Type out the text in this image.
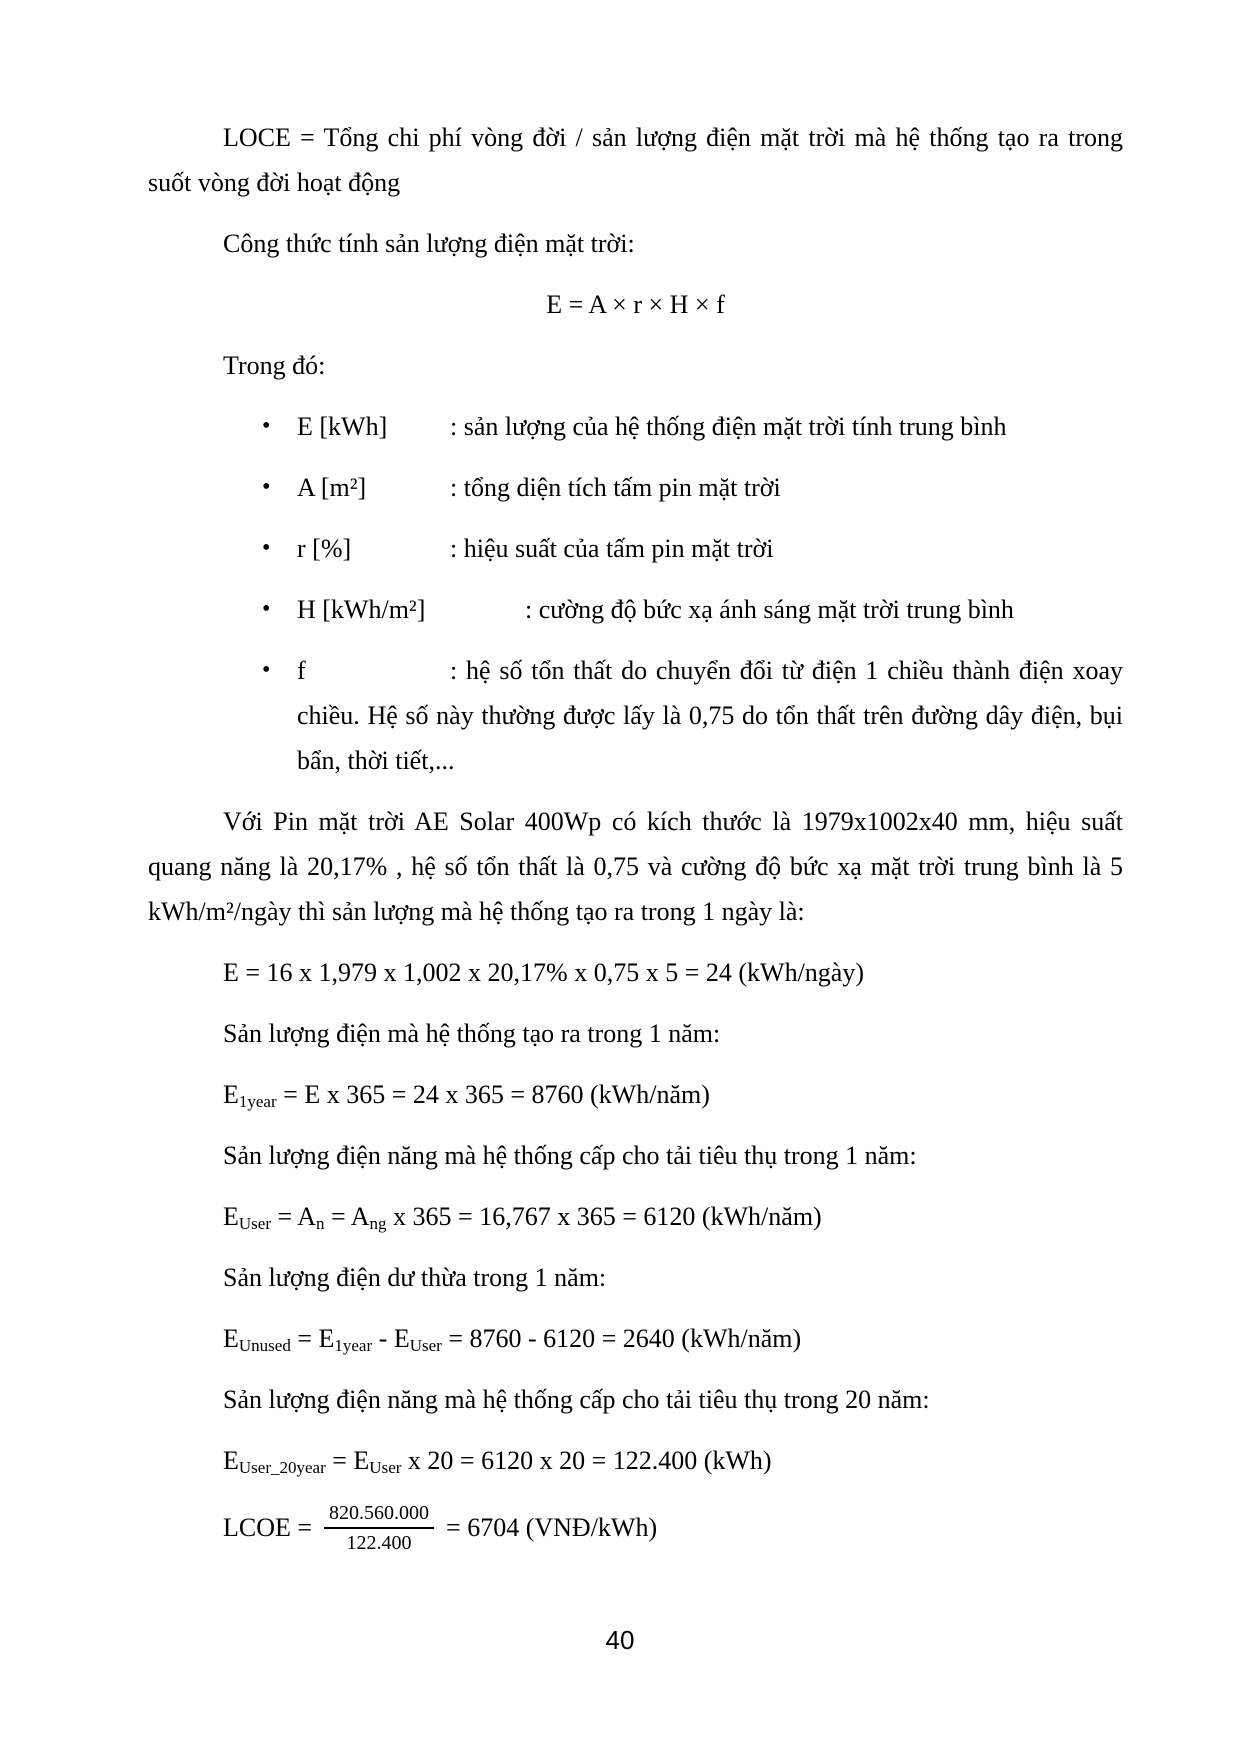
LOCE = Tổng chi phí vòng đời / sản lượng điện mặt trời mà hệ thống tạo ra trong suốt vòng đời hoạt động

Công thức tính sản lượng điện mặt trời:

E = A × r × H × f

Trong đó:

•	E [kWh] : sản lượng của hệ thống điện mặt trời tính trung bình
•	A [m²]	: tổng diện tích tấm pin mặt trời
•	r [%]	: hiệu suất của tấm pin mặt trời
•	H [kWh/m²]	: cường độ bức xạ ánh sáng mặt trời trung bình
•	f	: hệ số tổn thất do chuyển đổi từ điện 1 chiều thành điện xoay chiều. Hệ số này thường được lấy là 0,75 do tổn thất trên đường dây điện, bụi bẩn, thời tiết,...

Với Pin mặt trời AE Solar 400Wp có kích thước là 1979x1002x40 mm, hiệu suất quang năng là 20,17% , hệ số tổn thất là 0,75 và cường độ bức xạ mặt trời trung bình là 5 kWh/m²/ngày thì sản lượng mà hệ thống tạo ra trong 1 ngày là:

E = 16 x 1,979 x 1,002 x 20,17% x 0,75 x 5 = 24 (kWh/ngày)

Sản lượng điện mà hệ thống tạo ra trong 1 năm:

$E_{1year} = E$ x 365 = 24 x 365 = 8760 (kWh/năm)

Sản lượng điện năng mà hệ thống cấp cho tải tiêu thụ trong 1 năm:

$E_{User} = A_n = A_{ng}$ x 365 = 16,767 x 365 = 6120 (kWh/năm)

Sản lượng điện dư thừa trong 1 năm:

$E_{Unused} = E_{1year} - E_{User} = 8760 - 6120 = 2640$ (kWh/năm)

Sản lượng điện năng mà hệ thống cấp cho tải tiêu thụ trong 20 năm:

$E_{User\_20year} = E_{User}$ x 20 = 6120 x 20 = 122.400 (kWh)

LCOE = $\frac{820.560.000}{122.400} = 6704$ (VNĐ/kWh)
40
